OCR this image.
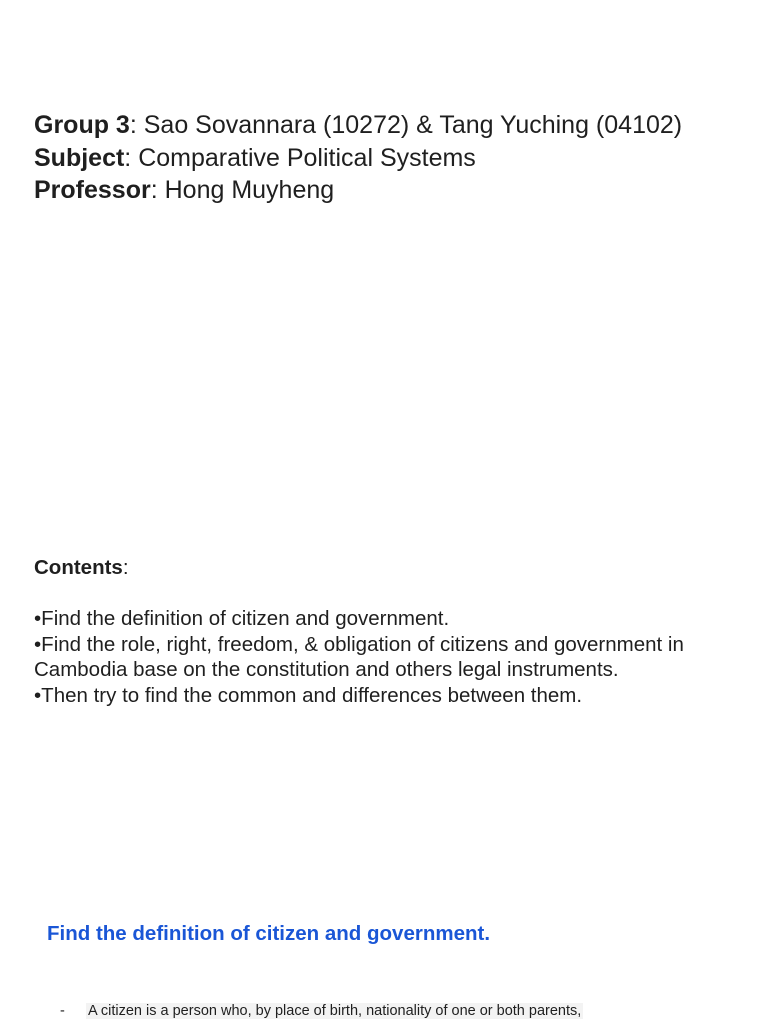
Group 3: Sao Sovannara (10272) & Tang Yuching (04102)
Subject: Comparative Political Systems
Professor: Hong Muyheng
Contents:

•Find the definition of citizen and government.

•Find the role, right, freedom, & obligation of citizens and government in Cambodia base on the constitution and others legal instruments.

•Then try to find the common and differences between them.

Find the definition of citizen and government.
- A citizen is a person who, by place of birth, nationality of one or both parents,
